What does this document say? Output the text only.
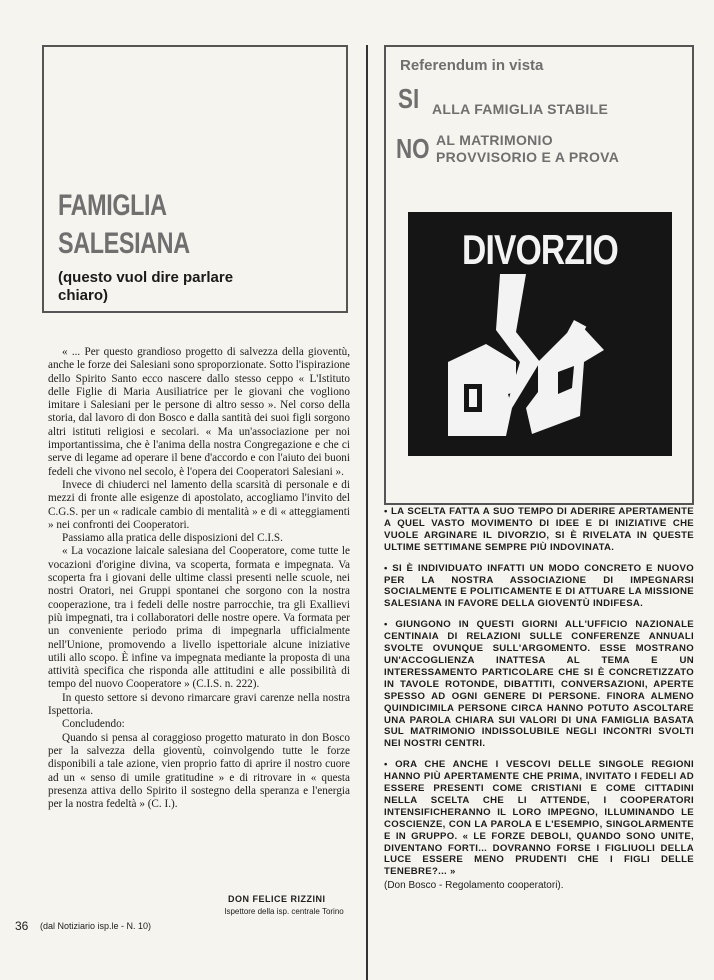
FAMIGLIA
SALESIANA
(questo vuol dire parlare chiaro)
Referendum in vista
SI ALLA FAMIGLIA STABILE
NO AL MATRIMONIO
PROVVISORIO E A PROVA
DIVORZIO

« ... Per questo grandioso progetto di salvezza della gioventù, anche le forze dei Salesiani sono sproporzionate. Sotto l'ispirazione dello Spirito Santo ecco nascere dallo stesso ceppo « L'Istituto delle Figlie di Maria Ausiliatrice per le giovani che vogliono imitare i Salesiani per le persone di altro sesso ». Nel corso della storia, dal lavoro di don Bosco e dalla santità dei suoi figli sorgono altri istituti religiosi e secolari. « Ma un'associazione per noi importantissima, che è l'anima della nostra Congregazione e che ci serve di legame ad operare il bene d'accordo e con l'aiuto dei buoni fedeli che vivono nel secolo, è l'opera dei Cooperatori Salesiani ».

Invece di chiuderci nel lamento della scarsità di personale e di mezzi di fronte alle esigenze di apostolato, accogliamo l'invito del C.G.S. per un « radicale cambio di mentalità » e di « atteggiamenti » nei confronti dei Cooperatori.

Passiamo alla pratica delle disposizioni del C.I.S.

« La vocazione laicale salesiana del Cooperatore, come tutte le vocazioni d'origine divina, va scoperta, formata e impegnata. Va scoperta fra i giovani delle ultime classi presenti nelle scuole, nei nostri Oratori, nei Gruppi spontanei che sorgono con la nostra cooperazione, tra i fedeli delle nostre parrocchie, tra gli Exallievi più impegnati, tra i collaboratori delle nostre opere. Va formata per un conveniente periodo prima di impegnarla ufficialmente nell'Unione, promovendo a livello ispettoriale alcune iniziative utili allo scopo. È infine va impegnata mediante la proposta di una attività specifica che risponda alle attitudini e alle possibilità di tempo del nuovo Cooperatore » (C.I.S. n. 222).

In questo settore si devono rimarcare gravi carenze nella nostra Ispettoria.

Concludendo:

Quando si pensa al coraggioso progetto maturato in don Bosco per la salvezza della gioventù, coinvolgendo tutte le forze disponibili a tale azione, vien proprio fatto di aprire il nostro cuore ad un « senso di umile gratitudine » e di ritrovare in « questa presenza attiva dello Spirito il sostegno della speranza e l'energia per la nostra fedeltà » (C. I.).

DON FELICE RIZZINI
Ispettore della isp. centrale Torino
36 (dal Notiziario isp.le - N. 10)

• LA SCELTA FATTA A SUO TEMPO DI ADERIRE APERTAMENTE A QUEL VASTO MOVIMENTO DI IDEE E DI INIZIATIVE CHE VUOLE ARGINARE IL DIVORZIO, SI È RIVELATA IN QUESTE ULTIME SETTIMANE SEMPRE PIÙ INDOVINATA.

• SI È INDIVIDUATO INFATTI UN MODO CONCRETO E NUOVO PER LA NOSTRA ASSOCIAZIONE DI IMPEGNARSI SOCIALMENTE E POLITICAMENTE E DI ATTUARE LA MISSIONE SALESIANA IN FAVORE DELLA GIOVENTÙ INDIFESA.

• GIUNGONO IN QUESTI GIORNI ALL'UFFICIO NAZIONALE CENTINAIA DI RELAZIONI SULLE CONFERENZE ANNUALI SVOLTE OVUNQUE SULL'ARGOMENTO. ESSE MOSTRANO UN'ACCOGLIENZA INATTESA AL TEMA E UN INTERESSAMENTO PARTICOLARE CHE SI È CONCRETIZZATO IN TAVOLE ROTONDE, DIBATTITI, CONVERSAZIONI, APERTE SPESSO AD OGNI GENERE DI PERSONE. FINORA ALMENO QUINDICIMILA PERSONE CIRCA HANNO POTUTO ASCOLTARE UNA PAROLA CHIARA SUI VALORI DI UNA FAMIGLIA BASATA SUL MATRIMONIO INDISSOLUBILE NEGLI INCONTRI SVOLTI NEI NOSTRI CENTRI.

• ORA CHE ANCHE I VESCOVI DELLE SINGOLE REGIONI HANNO PIÙ APERTAMENTE CHE PRIMA, INVITATO I FEDELI AD ESSERE PRESENTI COME CRISTIANI E COME CITTADINI NELLA SCELTA CHE LI ATTENDE, I COOPERATORI INTENSIFICHERANNO IL LORO IMPEGNO, ILLUMINANDO LE COSCIENZE, CON LA PAROLA E L'ESEMPIO, SINGOLARMENTE E IN GRUPPO. « LE FORZE DEBOLI, QUANDO SONO UNITE, DIVENTANO FORTI... DOVRANNO FORSE I FIGLIUOLI DELLA LUCE ESSERE MENO PRUDENTI CHE I FIGLI DELLE TENEBRE?... »

(Don Bosco - Regolamento cooperatori).
